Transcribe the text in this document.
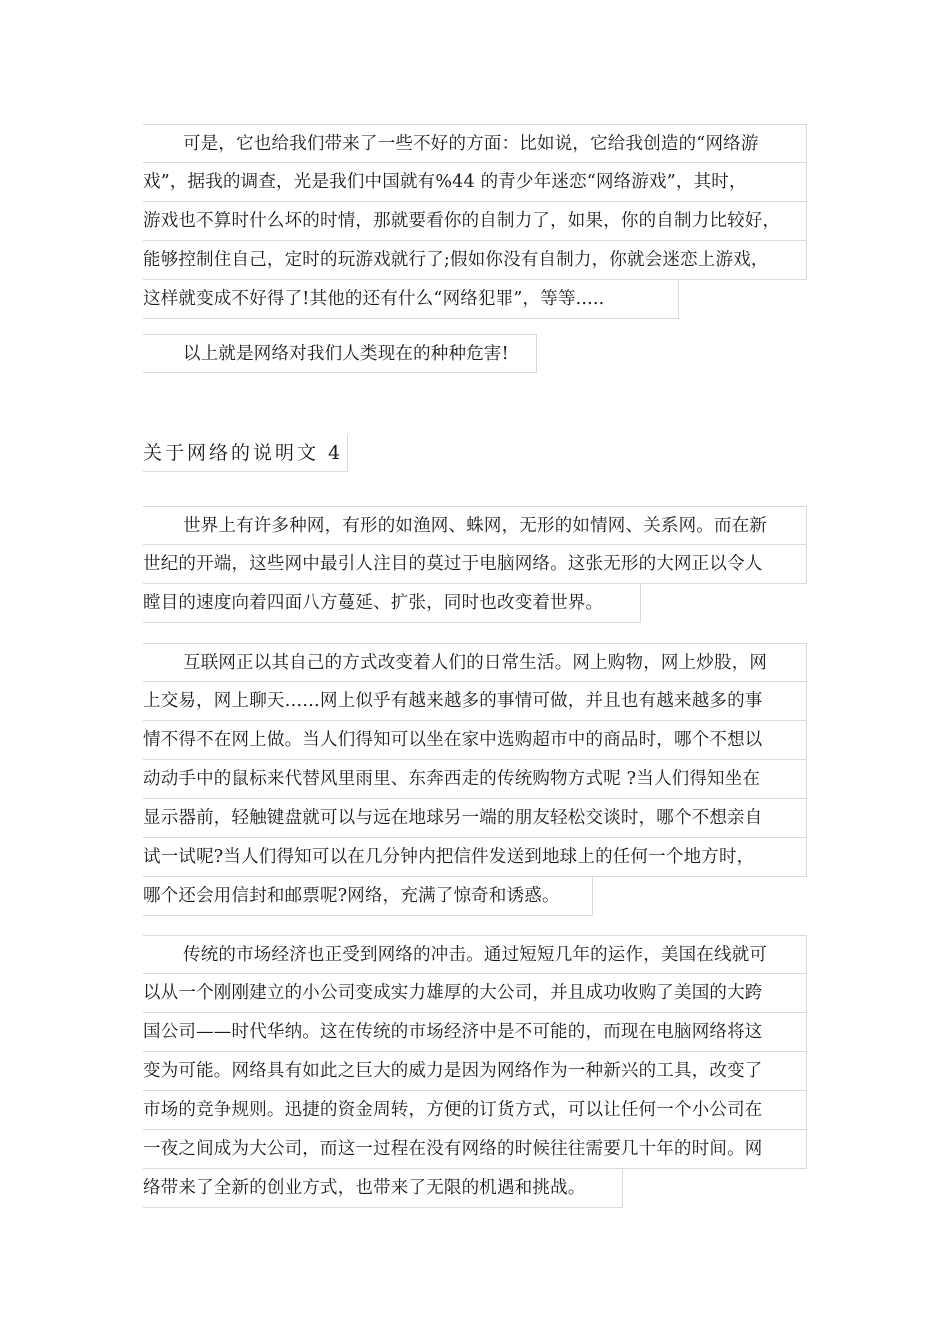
可是，它也给我们带来了一些不好的方面：比如说，它给我创造的“网络游
戏”，据我的调查，光是我们中国就有%44 的青少年迷恋“网络游戏”，其时，
游戏也不算时什么坏的时情，那就要看你的自制力了，如果，你的自制力比较好，
能够控制住自己，定时的玩游戏就行了;假如你没有自制力，你就会迷恋上游戏，
这样就变成不好得了!其他的还有什么“网络犯罪”，等等.....
以上就是网络对我们人类现在的种种危害!
关于网络的说明文 4
世界上有许多种网，有形的如渔网、蛛网，无形的如情网、关系网。而在新
世纪的开端，这些网中最引人注目的莫过于电脑网络。这张无形的大网正以令人
瞠目的速度向着四面八方蔓延、扩张，同时也改变着世界。
互联网正以其自己的方式改变着人们的日常生活。网上购物，网上炒股，网
上交易，网上聊天……网上似乎有越来越多的事情可做，并且也有越来越多的事
情不得不在网上做。当人们得知可以坐在家中选购超市中的商品时，哪个不想以
动动手中的鼠标来代替风里雨里、东奔西走的传统购物方式呢 ?当人们得知坐在
显示器前，轻触键盘就可以与远在地球另一端的朋友轻松交谈时，哪个不想亲自
试一试呢?当人们得知可以在几分钟内把信件发送到地球上的任何一个地方时，
哪个还会用信封和邮票呢?网络，充满了惊奇和诱惑。
传统的市场经济也正受到网络的冲击。通过短短几年的运作，美国在线就可
以从一个刚刚建立的小公司变成实力雄厚的大公司，并且成功收购了美国的大跨
国公司——时代华纳。这在传统的市场经济中是不可能的，而现在电脑网络将这
变为可能。网络具有如此之巨大的威力是因为网络作为一种新兴的工具，改变了
市场的竞争规则。迅捷的资金周转，方便的订货方式，可以让任何一个小公司在
一夜之间成为大公司，而这一过程在没有网络的时候往往需要几十年的时间。网
络带来了全新的创业方式，也带来了无限的机遇和挑战。
